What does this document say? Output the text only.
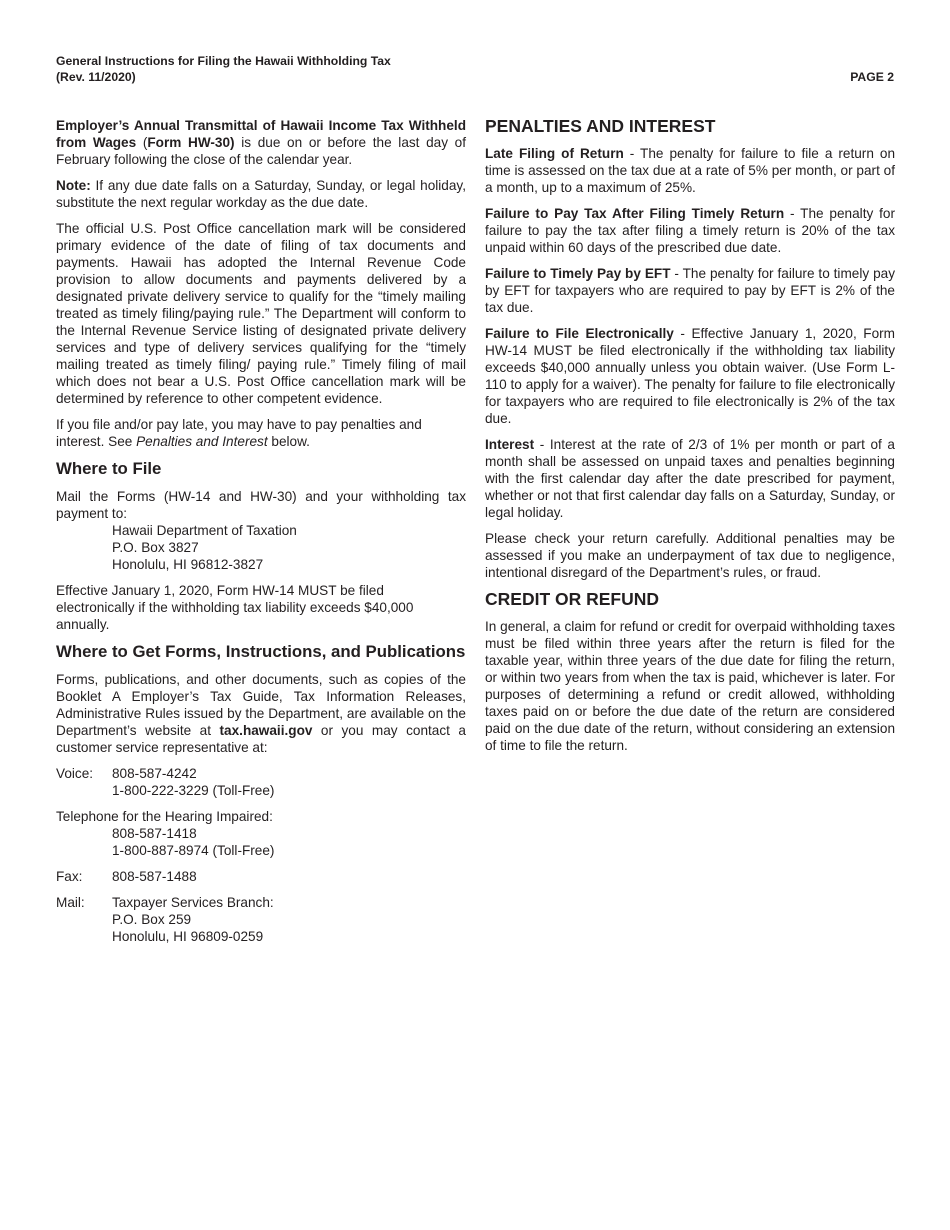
General Instructions for Filing the Hawaii Withholding Tax
(Rev. 11/2020)	PAGE 2

Employer’s Annual Transmittal of Hawaii Income Tax Withheld from Wages (Form HW-30) is due on or before the last day of February following the close of the calendar year.

Note: If any due date falls on a Saturday, Sunday, or legal holiday, substitute the next regular workday as the due date.

The official U.S. Post Office cancellation mark will be considered primary evidence of the date of filing of tax documents and payments. Hawaii has adopted the Internal Revenue Code provision to allow documents and payments delivered by a designated private delivery service to qualify for the “timely mailing treated as timely filing/paying rule.” The Department will conform to the Internal Revenue Service listing of designated private delivery services and type of delivery services qualifying for the “timely mailing treated as timely filing/ paying rule.” Timely filing of mail which does not bear a U.S. Post Office cancellation mark will be determined by reference to other competent evidence.

If you file and/or pay late, you may have to pay penalties and interest. See Penalties and Interest below.

Where to File

Mail the Forms (HW-14 and HW-30) and your withholding tax payment to:

Hawaii Department of Taxation
P.O. Box 3827
Honolulu, HI 96812-3827

Effective January 1, 2020, Form HW-14 MUST be filed electronically if the withholding tax liability exceeds $40,000 annually.

Where to Get Forms, Instructions, and Publications

Forms, publications, and other documents, such as copies of the Booklet A Employer’s Tax Guide, Tax Information Releases, Administrative Rules issued by the Department, are available on the Department’s website at tax.hawaii.gov or you may contact a customer service representative at:

Voice:	808-587-4242
1-800-222-3229 (Toll-Free)
Telephone for the Hearing Impaired:
808-587-1418
1-800-887-8974 (Toll-Free)
Fax:	808-587-1488
Mail:	Taxpayer Services Branch:
P.O. Box 259
Honolulu, HI 96809-0259
PENALTIES AND INTEREST

Late Filing of Return - The penalty for failure to file a return on time is assessed on the tax due at a rate of 5% per month, or part of a month, up to a maximum of 25%.

Failure to Pay Tax After Filing Timely Return - The penalty for failure to pay the tax after filing a timely return is 20% of the tax unpaid within 60 days of the prescribed due date.

Failure to Timely Pay by EFT - The penalty for failure to timely pay by EFT for taxpayers who are required to pay by EFT is 2% of the tax due.

Failure to File Electronically - Effective January 1, 2020, Form HW-14 MUST be filed electronically if the withholding tax liability exceeds $40,000 annually unless you obtain waiver. (Use Form L-110 to apply for a waiver). The penalty for failure to file electronically for taxpayers who are required to file electronically is 2% of the tax due.

Interest - Interest at the rate of 2/3 of 1% per month or part of a month shall be assessed on unpaid taxes and penalties beginning with the first calendar day after the date prescribed for payment, whether or not that first calendar day falls on a Saturday, Sunday, or legal holiday.

Please check your return carefully. Additional penalties may be assessed if you make an underpayment of tax due to negligence, intentional disregard of the Department’s rules, or fraud.

CREDIT OR REFUND

In general, a claim for refund or credit for overpaid withholding taxes must be filed within three years after the return is filed for the taxable year, within three years of the due date for filing the return, or within two years from when the tax is paid, whichever is later. For purposes of determining a refund or credit allowed, withholding taxes paid on or before the due date of the return are considered paid on the due date of the return, without considering an extension of time to file the return.
